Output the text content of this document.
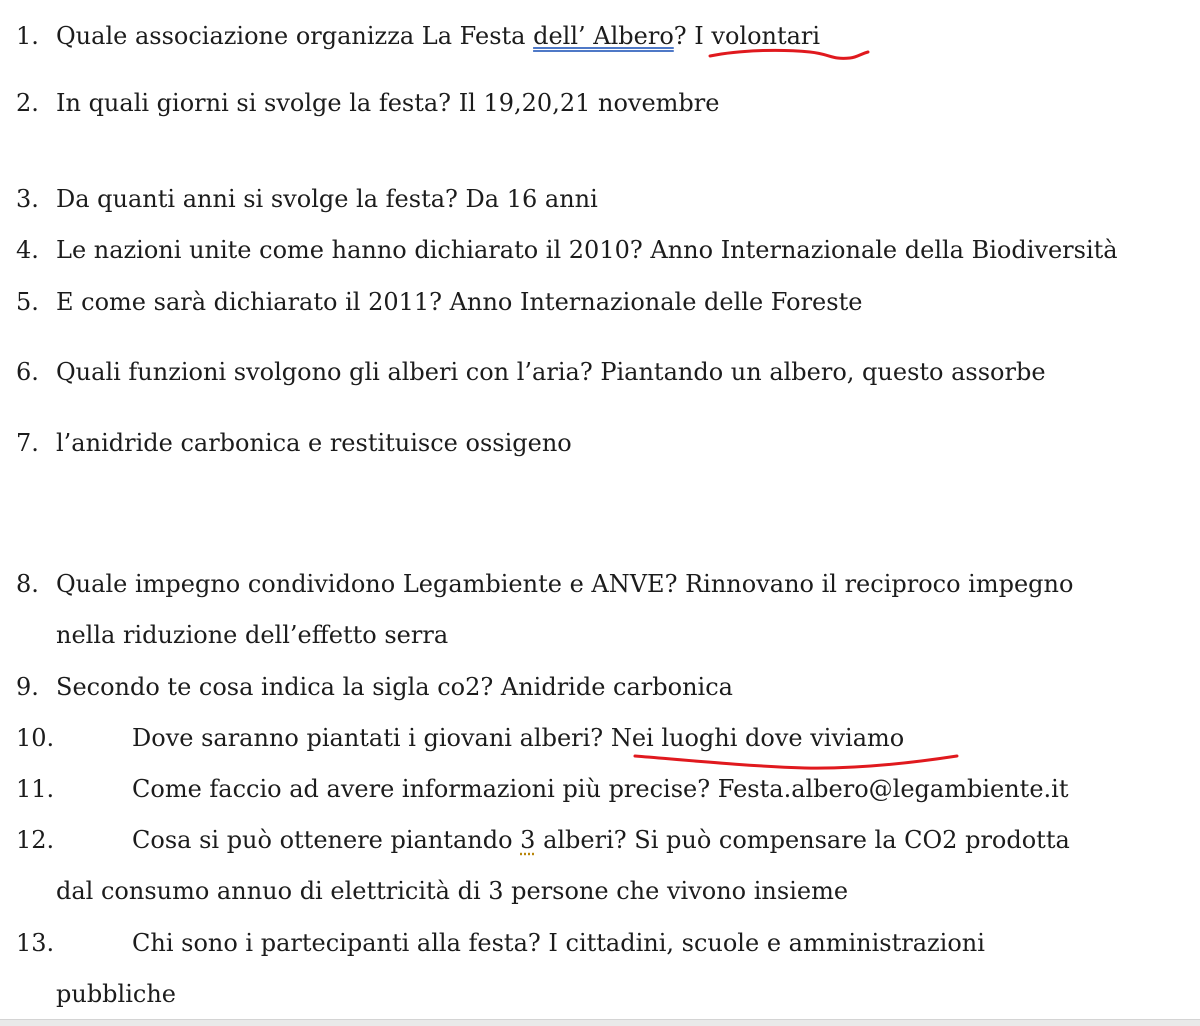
1. Quale associazione organizza La Festa dell’ Albero? I volontari
2. In quali giorni si svolge la festa? Il 19,20,21 novembre
3. Da quanti anni si svolge la festa? Da 16 anni
4. Le nazioni unite come hanno dichiarato il 2010? Anno Internazionale della Biodiversità
5. E come sarà dichiarato il 2011? Anno Internazionale delle Foreste
6. Quali funzioni svolgono gli alberi con l’aria? Piantando un albero, questo assorbe
7. l’anidride carbonica e restituisce ossigeno
8. Quale impegno condividono Legambiente e ANVE? Rinnovano il reciproco impegno
nella riduzione dell’effetto serra
9. Secondo te cosa indica la sigla co2? Anidride carbonica
10.	Dove saranno piantati i giovani alberi? Nei luoghi dove viviamo
11.	Come faccio ad avere informazioni più precise? Festa.albero@legambiente.it
12.	Cosa si può ottenere piantando 3 alberi? Si può compensare la CO2 prodotta
dal consumo annuo di elettricità di 3 persone che vivono insieme
13.	Chi sono i partecipanti alla festa? I cittadini, scuole e amministrazioni
pubbliche
